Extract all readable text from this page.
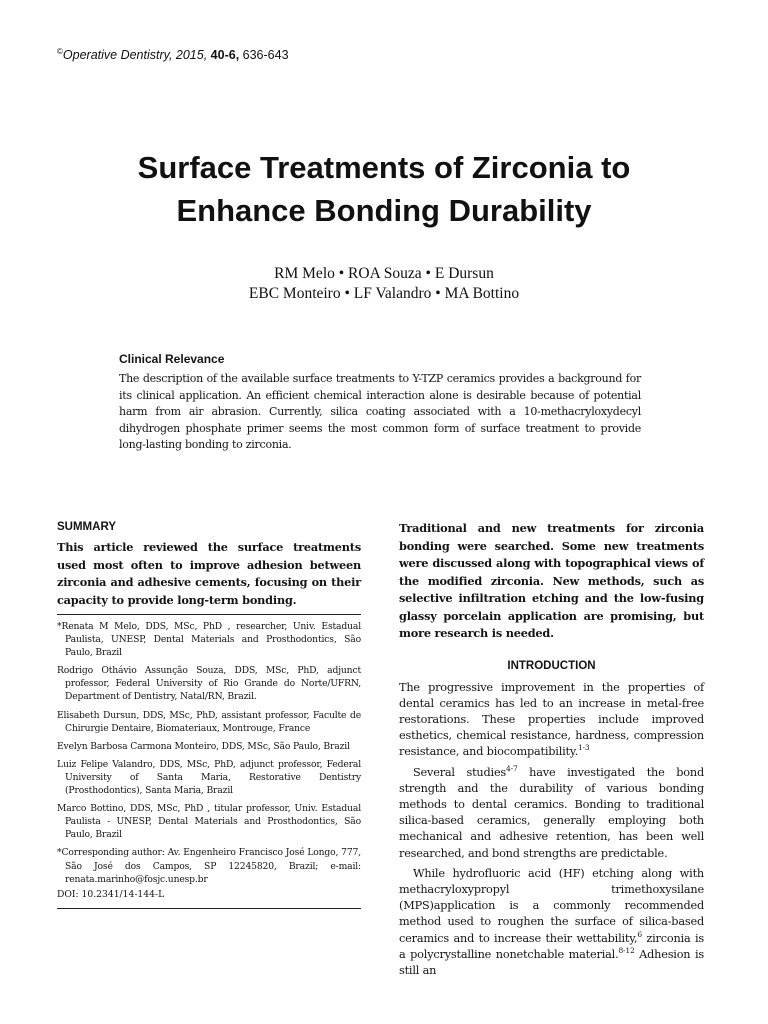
©Operative Dentistry, 2015, 40-6, 636-643
Surface Treatments of Zirconia to
Enhance Bonding Durability
RM Melo • ROA Souza • E Dursun
EBC Monteiro • LF Valandro • MA Bottino
Clinical Relevance

The description of the available surface treatments to Y-TZP ceramics provides a background for its clinical application. An efficient chemical interaction alone is desirable because of potential harm from air abrasion. Currently, silica coating associated with a 10-methacryloxydecyl dihydrogen phosphate primer seems the most common form of surface treatment to provide long-lasting bonding to zirconia.

SUMMARY

This article reviewed the surface treatments used most often to improve adhesion between zirconia and adhesive cements, focusing on their capacity to provide long-term bonding.

*Renata M Melo, DDS, MSc, PhD , researcher, Univ. Estadual Paulista, UNESP, Dental Materials and Prosthodontics, São Paulo, Brazil
Rodrigo Othávio Assunção Souza, DDS, MSc, PhD, adjunct professor, Federal University of Rio Grande do Norte/UFRN, Department of Dentistry, Natal/RN, Brazil.
Elisabeth Dursun, DDS, MSc, PhD, assistant professor, Faculte de Chirurgie Dentaire, Biomateriaux, Montrouge, France
Evelyn Barbosa Carmona Monteiro, DDS, MSc, São Paulo, Brazil
Luiz Felipe Valandro, DDS, MSc, PhD, adjunct professor, Federal University of Santa Maria, Restorative Dentistry (Prosthodontics), Santa Maria, Brazil
Marco Bottino, DDS, MSc, PhD , titular professor, Univ. Estadual Paulista - UNESP, Dental Materials and Prosthodontics, São Paulo, Brazil
*Corresponding author: Av. Engenheiro Francisco José Longo, 777, São José dos Campos, SP 12245820, Brazil; e-mail: renata.marinho@fosjc.unesp.br
DOI: 10.2341/14-144-L

Traditional and new treatments for zirconia bonding were searched. Some new treatments were discussed along with topographical views of the modified zirconia. New methods, such as selective infiltration etching and the low-fusing glassy porcelain application are promising, but more research is needed.

INTRODUCTION

The progressive improvement in the properties of dental ceramics has led to an increase in metal-free restorations. These properties include improved esthetics, chemical resistance, hardness, compression resistance, and biocompatibility.$^{1-3}$

Several studies$^{4-7}$ have investigated the bond strength and the durability of various bonding methods to dental ceramics. Bonding to traditional silica-based ceramics, generally employing both mechanical and adhesive retention, has been well researched, and bond strengths are predictable.

While hydrofluoric acid (HF) etching along with methacryloxypropyl trimethoxysilane (MPS)application is a commonly recommended method used to roughen the surface of silica-based ceramics and to increase their wettability,$^6$ zirconia is a polycrystalline nonetchable material.$^{8-12}$ Adhesion is still an
